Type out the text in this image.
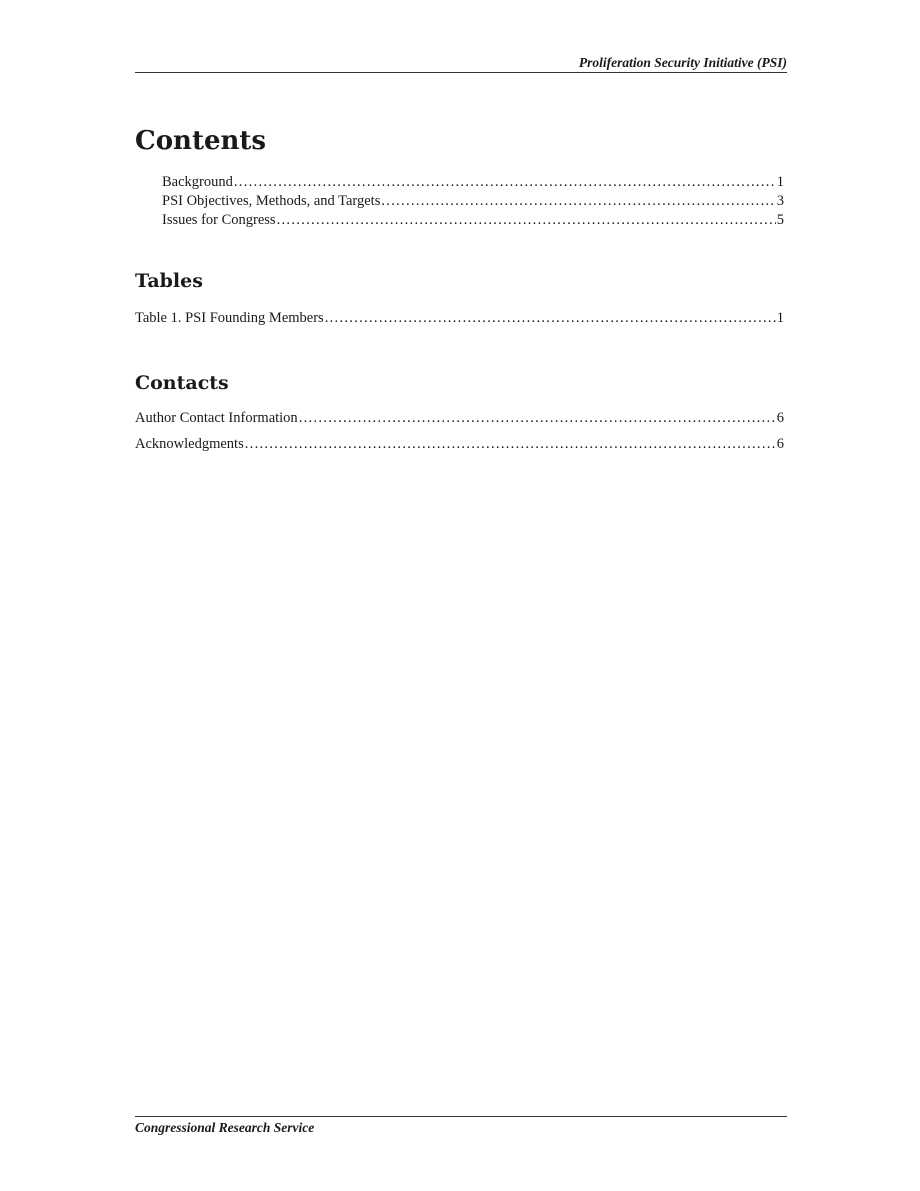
Proliferation Security Initiative (PSI)
Contents
Background .....	1
PSI Objectives, Methods, and Targets .....	3
Issues for Congress .....	5
Tables
Table 1. PSI Founding Members .....	1
Contacts
Author Contact Information .....	6
Acknowledgments .....	6
Congressional Research Service
